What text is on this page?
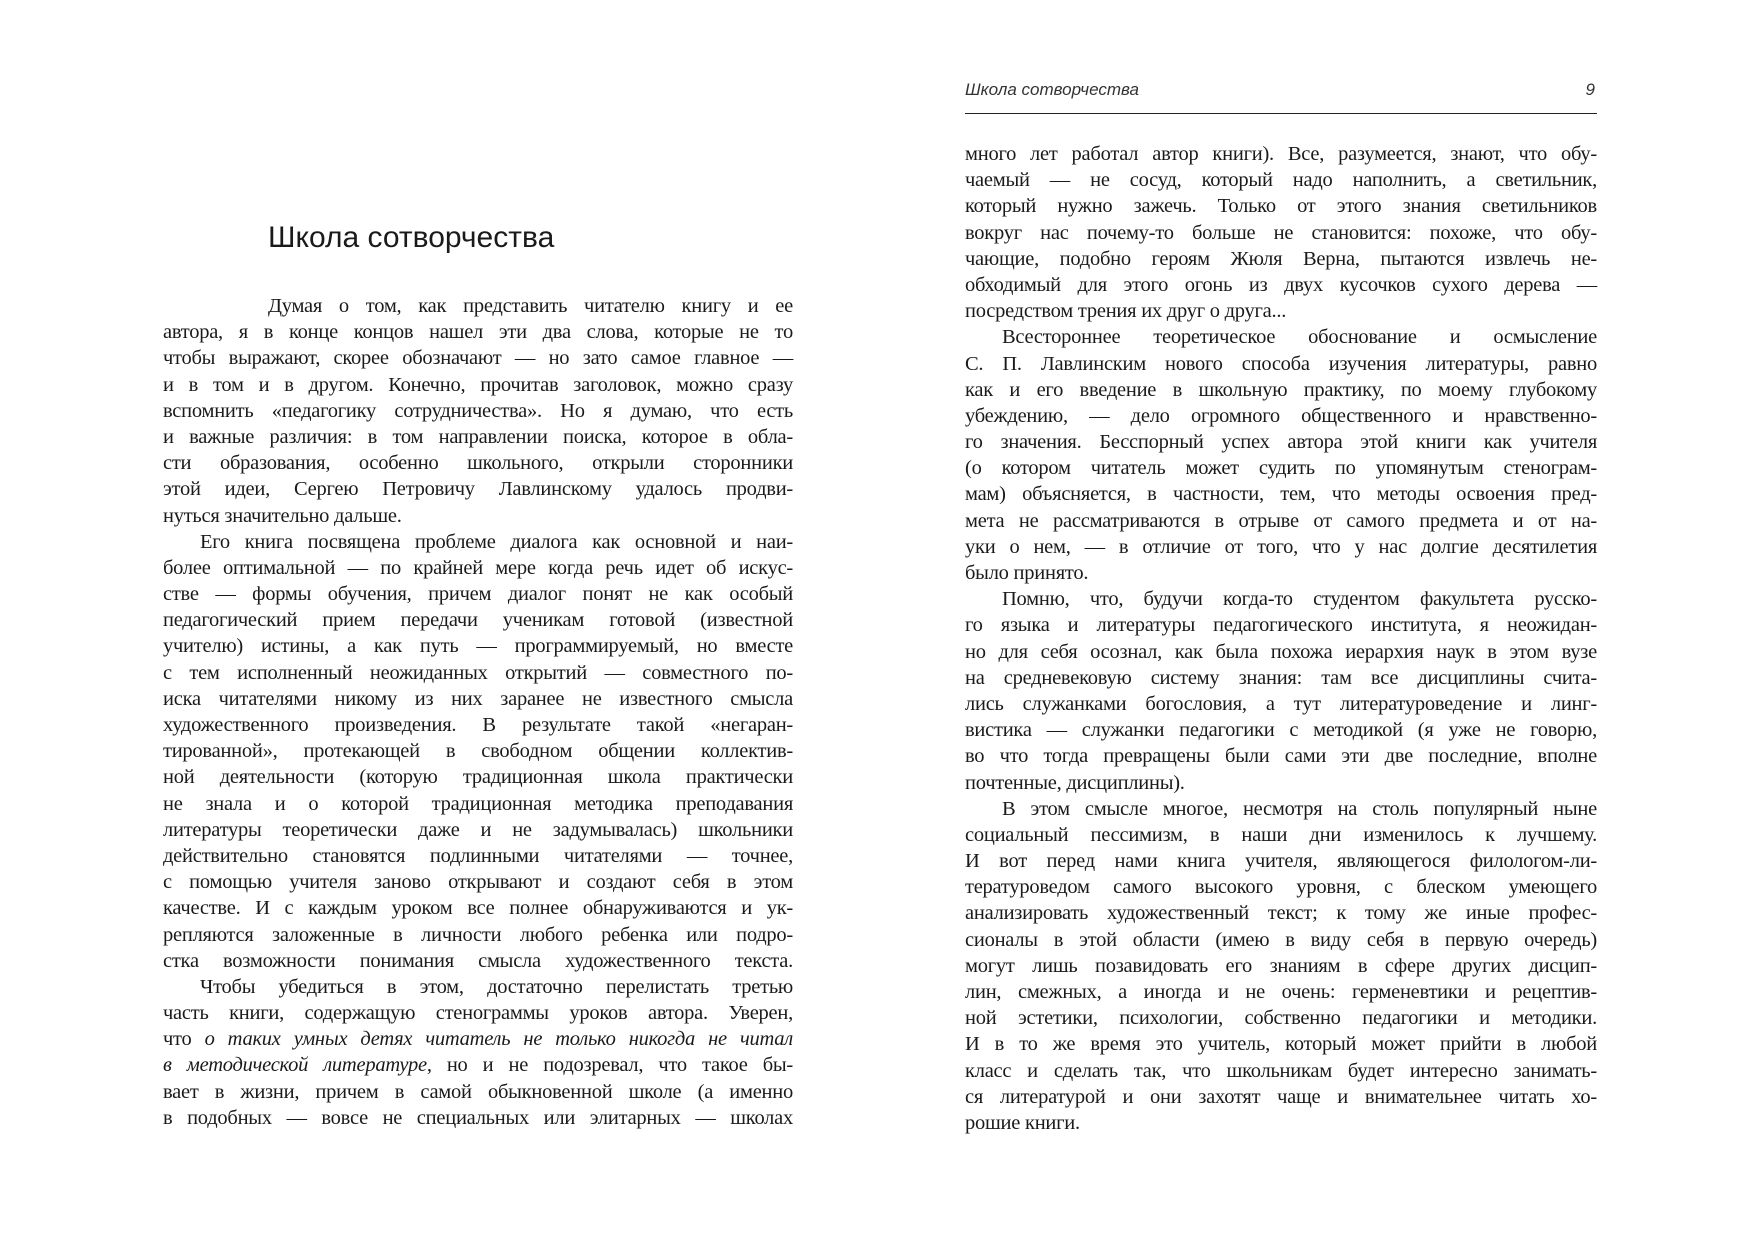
Школа сотворчества
Думая о том, как представить читателю книгу и ее
автора, я в конце концов нашел эти два слова, которые не то
чтобы выражают, скорее обозначают — но зато самое главное —
и в том и в другом. Конечно, прочитав заголовок, можно сразу
вспомнить «педагогику сотрудничества». Но я думаю, что есть
и важные различия: в том направлении поиска, которое в обла-
сти образования, особенно школьного, открыли сторонники
этой идеи, Сергею Петровичу Лавлинскому удалось продви-
нуться значительно дальше.
Его книга посвящена проблеме диалога как основной и наи-
более оптимальной — по крайней мере когда речь идет об искус-
стве — формы обучения, причем диалог понят не как особый
педагогический прием передачи ученикам готовой (известной
учителю) истины, а как путь — программируемый, но вместе
с тем исполненный неожиданных открытий — совместного по-
иска читателями никому из них заранее не известного смысла
художественного произведения. В результате такой «негаран-
тированной», протекающей в свободном общении коллектив-
ной деятельности (которую традиционная школа практически
не знала и о которой традиционная методика преподавания
литературы теоретически даже и не задумывалась) школьники
действительно становятся подлинными читателями — точнее,
с помощью учителя заново открывают и создают себя в этом
качестве. И с каждым уроком все полнее обнаруживаются и ук-
репляются заложенные в личности любого ребенка или подро-
стка возможности понимания смысла художественного текста.
Чтобы убедиться в этом, достаточно перелистать третью
часть книги, содержащую стенограммы уроков автора. Уверен,
что о таких умных детях читатель не только никогда не читал
в методической литературе, но и не подозревал, что такое бы-
вает в жизни, причем в самой обыкновенной школе (а именно
в подобных — вовсе не специальных или элитарных — школах
Школа сотворчества	9
много лет работал автор книги). Все, разумеется, знают, что обу-
чаемый — не сосуд, который надо наполнить, а светильник,
который нужно зажечь. Только от этого знания светильников
вокруг нас почему-то больше не становится: похоже, что обу-
чающие, подобно героям Жюля Верна, пытаются извлечь не-
обходимый для этого огонь из двух кусочков сухого дерева —
посредством трения их друг о друга...
Всестороннее теоретическое обоснование и осмысление
С. П. Лавлинским нового способа изучения литературы, равно
как и его введение в школьную практику, по моему глубокому
убеждению, — дело огромного общественного и нравственно-
го значения. Бесспорный успех автора этой книги как учителя
(о котором читатель может судить по упомянутым стенограм-
мам) объясняется, в частности, тем, что методы освоения пред-
мета не рассматриваются в отрыве от самого предмета и от на-
уки о нем, — в отличие от того, что у нас долгие десятилетия
было принято.
Помню, что, будучи когда-то студентом факультета русско-
го языка и литературы педагогического института, я неожидан-
но для себя осознал, как была похожа иерархия наук в этом вузе
на средневековую систему знания: там все дисциплины счита-
лись служанками богословия, а тут литературоведение и линг-
вистика — служанки педагогики с методикой (я уже не говорю,
во что тогда превращены были сами эти две последние, вполне
почтенные, дисциплины).
В этом смысле многое, несмотря на столь популярный ныне
социальный пессимизм, в наши дни изменилось к лучшему.
И вот перед нами книга учителя, являющегося филологом-ли-
тературоведом самого высокого уровня, с блеском умеющего
анализировать художественный текст; к тому же иные профес-
сионалы в этой области (имею в виду себя в первую очередь)
могут лишь позавидовать его знаниям в сфере других дисцип-
лин, смежных, а иногда и не очень: герменевтики и рецептив-
ной эстетики, психологии, собственно педагогики и методики.
И в то же время это учитель, который может прийти в любой
класс и сделать так, что школьникам будет интересно занимать-
ся литературой и они захотят чаще и внимательнее читать хо-
рошие книги.
